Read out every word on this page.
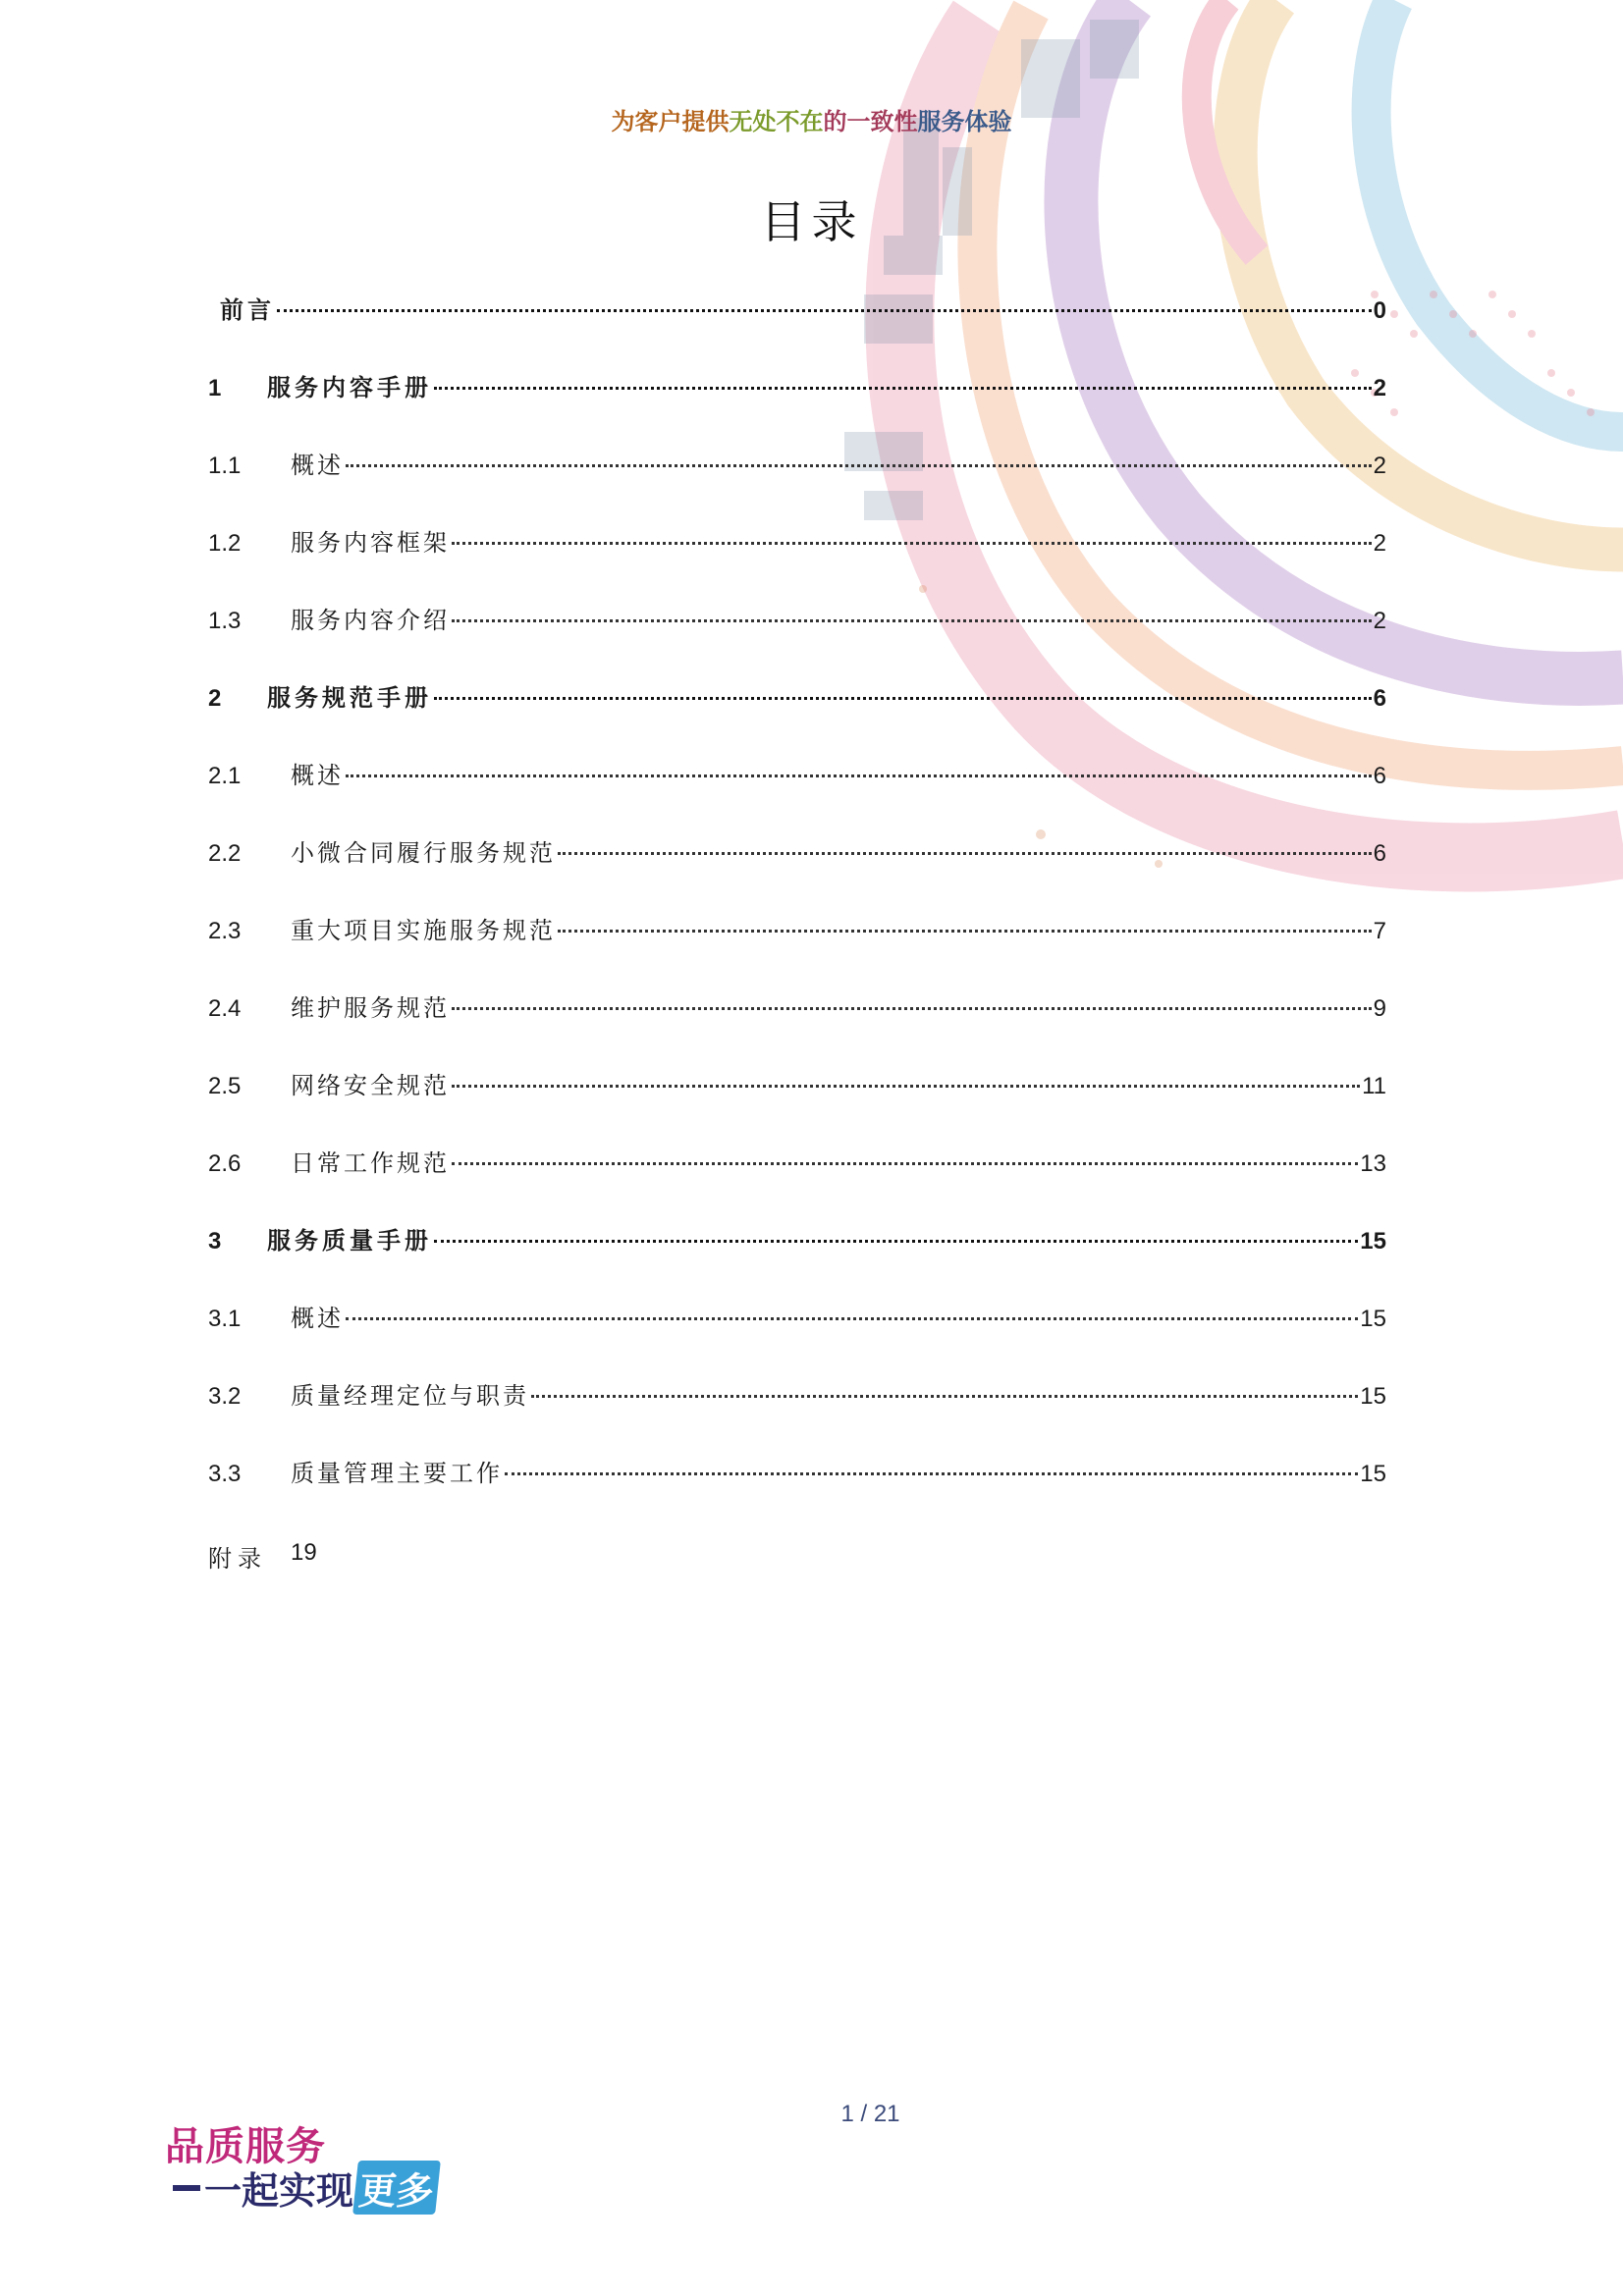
为客户提供无处不在的一致性服务体验
目录
前言	0
1	服务内容手册	2
1.1	概述	2
1.2	服务内容框架	2
1.3	服务内容介绍	2
2	服务规范手册	6
2.1	概述	6
2.2	小微合同履行服务规范	6
2.3	重大项目实施服务规范	7
2.4	维护服务规范	9
2.5	网络安全规范	11
2.6	日常工作规范	13
3	服务质量手册	15
3.1	概述	15
3.2	质量经理定位与职责	15
3.3	质量管理主要工作	15
附录	19
1 / 21
品质服务
一起实现 更多
